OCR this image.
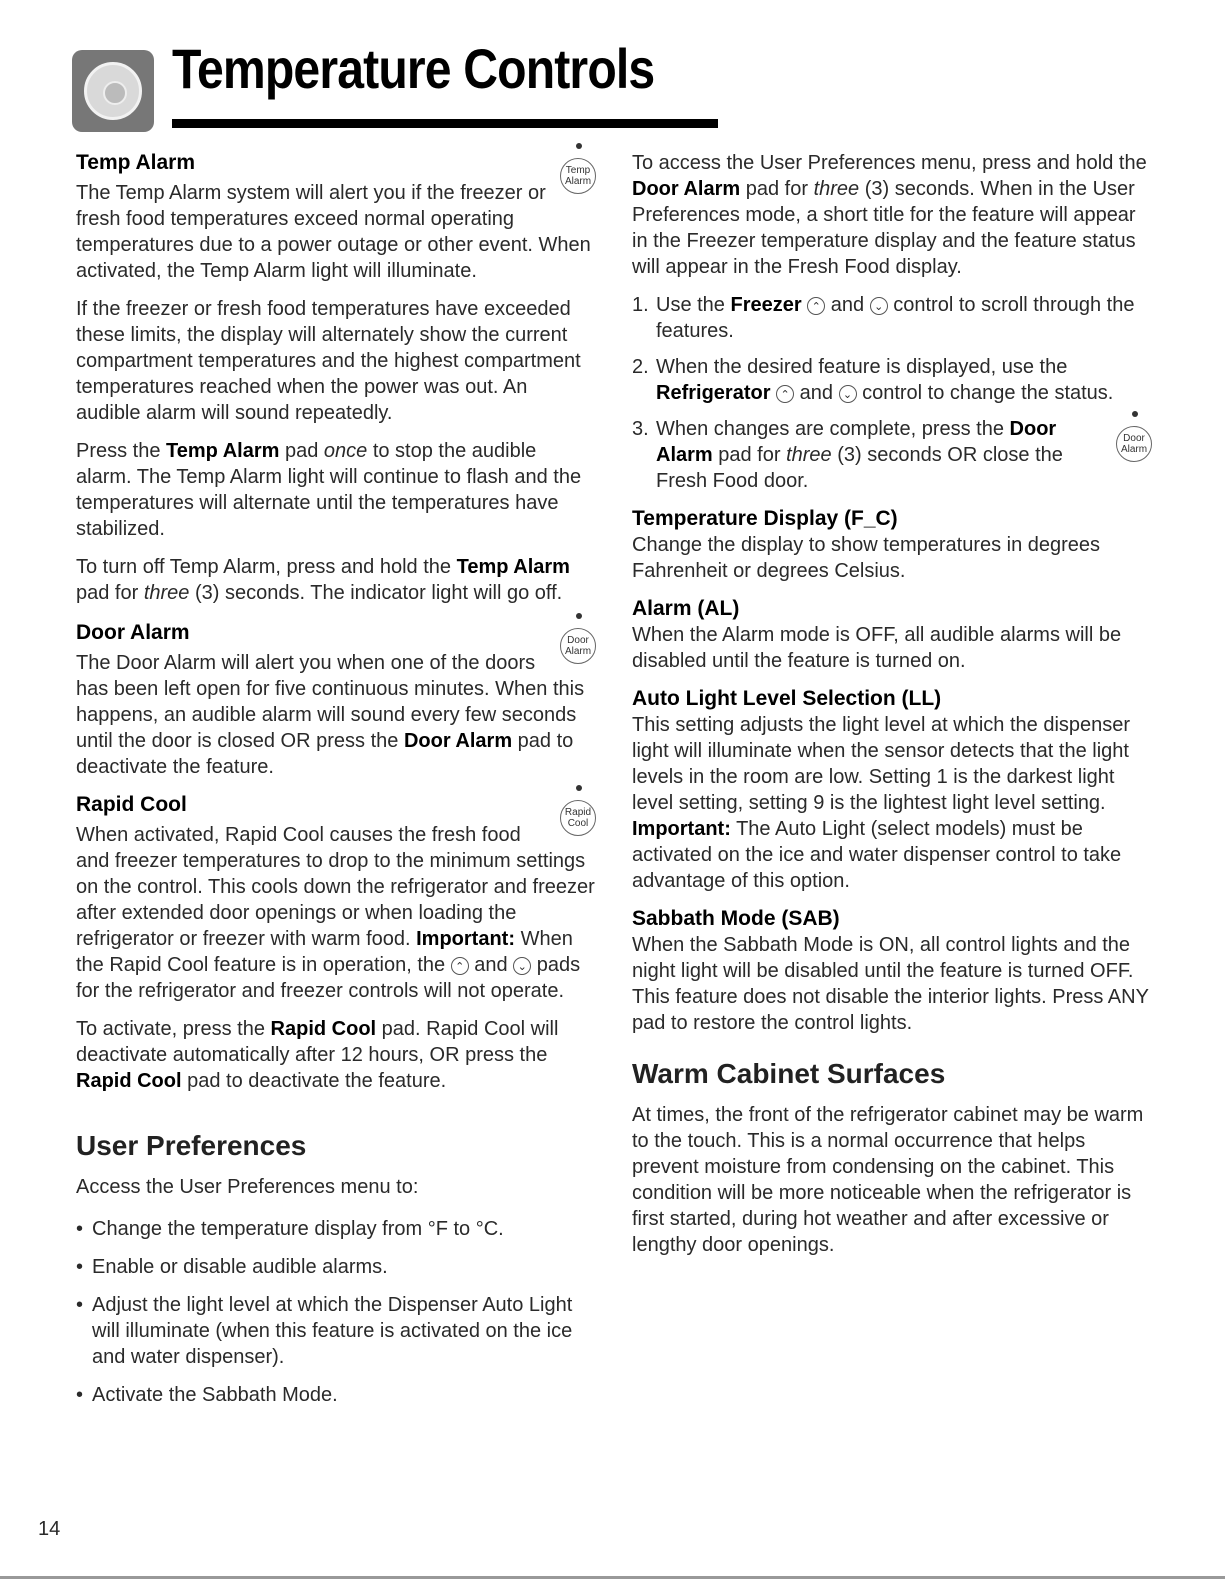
Temperature Controls
Temp Alarm
Temp Alarm

The Temp Alarm system will alert you if the freezer or fresh food temperatures exceed normal operating temperatures due to a power outage or other event. When activated, the Temp Alarm light will illuminate.

If the freezer or fresh food temperatures have exceeded these limits, the display will alternately show the current compartment temperatures and the highest compartment temperatures reached when the power was out. An audible alarm will sound repeatedly.

Press the Temp Alarm pad once to stop the audible alarm. The Temp Alarm light will continue to flash and the temperatures will alternate until the temperatures have stabilized.

To turn off Temp Alarm, press and hold the Temp Alarm pad for three (3) seconds. The indicator light will go off.

Door Alarm
Door Alarm

The Door Alarm will alert you when one of the doors has been left open for five continuous minutes. When this happens, an audible alarm will sound every few seconds until the door is closed OR press the Door Alarm pad to deactivate the feature.

Rapid Cool
Rapid Cool

When activated, Rapid Cool causes the fresh food and freezer temperatures to drop to the minimum settings on the control. This cools down the refrigerator and freezer after extended door openings or when loading the refrigerator or freezer with warm food. Important: When the Rapid Cool feature is in operation, the ⌃ and ⌄ pads for the refrigerator and freezer controls will not operate.

To activate, press the Rapid Cool pad. Rapid Cool will deactivate automatically after 12 hours, OR press the Rapid Cool pad to deactivate the feature.

User Preferences

Access the User Preferences menu to:

• Change the temperature display from °F to °C.
• Enable or disable audible alarms.
• Adjust the light level at which the Dispenser Auto Light will illuminate (when this feature is activated on the ice and water dispenser).
• Activate the Sabbath Mode.

To access the User Preferences menu, press and hold the Door Alarm pad for three (3) seconds. When in the User Preferences mode, a short title for the feature will appear in the Freezer temperature display and the feature status will appear in the Fresh Food display.

1. Use the Freezer ⌃ and ⌄ control to scroll through the features.
2. When the desired feature is displayed, use the Refrigerator ⌃ and ⌄ control to change the status.
Door Alarm
3. When changes are complete, press the Door Alarm pad for three (3) seconds OR close the Fresh Food door.
Temperature Display (F_C)

Change the display to show temperatures in degrees Fahrenheit or degrees Celsius.

Alarm (AL)

When the Alarm mode is OFF, all audible alarms will be disabled until the feature is turned on.

Auto Light Level Selection (LL)

This setting adjusts the light level at which the dispenser light will illuminate when the sensor detects that the light levels in the room are low. Setting 1 is the darkest light level setting, setting 9 is the lightest light level setting. Important: The Auto Light (select models) must be activated on the ice and water dispenser control to take advantage of this option.

Sabbath Mode (SAB)

When the Sabbath Mode is ON, all control lights and the night light will be disabled until the feature is turned OFF. This feature does not disable the interior lights. Press ANY pad to restore the control lights.

Warm Cabinet Surfaces

At times, the front of the refrigerator cabinet may be warm to the touch. This is a normal occurrence that helps prevent moisture from condensing on the cabinet. This condition will be more noticeable when the refrigerator is first started, during hot weather and after excessive or lengthy door openings.

14
